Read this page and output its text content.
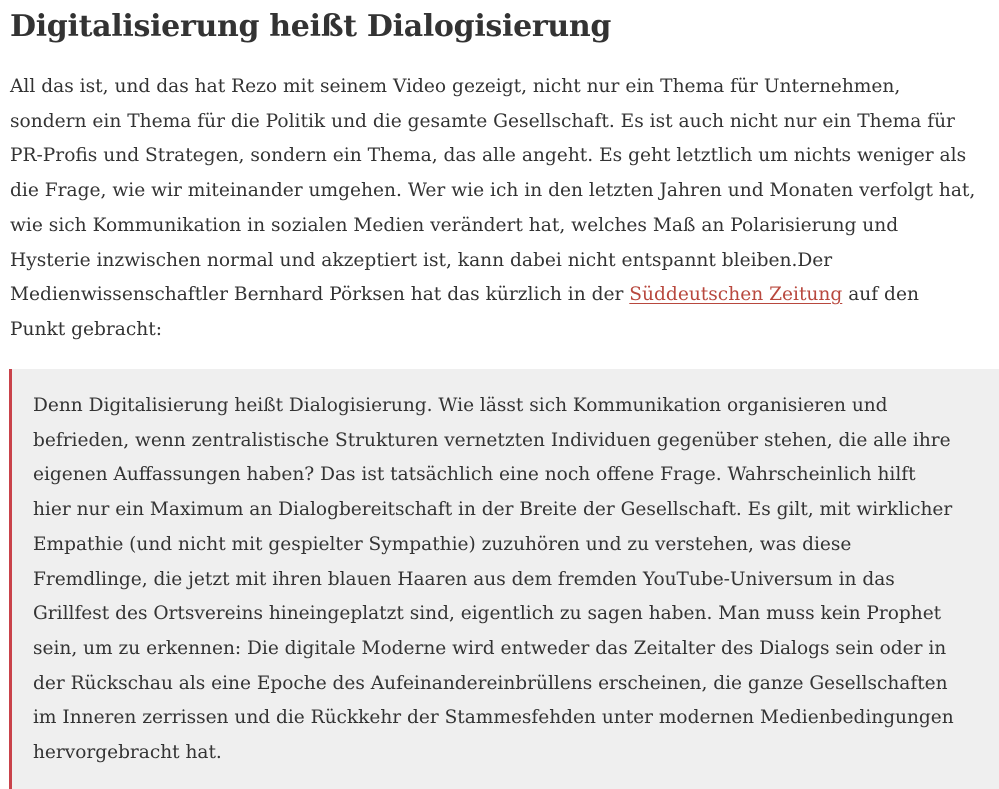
Digitalisierung heißt Dialogisierung

All das ist, und das hat Rezo mit seinem Video gezeigt, nicht nur ein Thema für Unternehmen,
sondern ein Thema für die Politik und die gesamte Gesellschaft. Es ist auch nicht nur ein Thema für
PR-Profis und Strategen, sondern ein Thema, das alle angeht. Es geht letztlich um nichts weniger als
die Frage, wie wir miteinander umgehen. Wer wie ich in den letzten Jahren und Monaten verfolgt hat,
wie sich Kommunikation in sozialen Medien verändert hat, welches Maß an Polarisierung und
Hysterie inzwischen normal und akzeptiert ist, kann dabei nicht entspannt bleiben.Der
Medienwissenschaftler Bernhard Pörksen hat das kürzlich in der Süddeutschen Zeitung auf den
Punkt gebracht:

Denn Digitalisierung heißt Dialogisierung. Wie lässt sich Kommunikation organisieren und
befrieden, wenn zentralistische Strukturen vernetzten Individuen gegenüber stehen, die alle ihre
eigenen Auffassungen haben? Das ist tatsächlich eine noch offene Frage. Wahrscheinlich hilft
hier nur ein Maximum an Dialogbereitschaft in der Breite der Gesellschaft. Es gilt, mit wirklicher
Empathie (und nicht mit gespielter Sympathie) zuzuhören und zu verstehen, was diese
Fremdlinge, die jetzt mit ihren blauen Haaren aus dem fremden YouTube-Universum in das
Grillfest des Ortsvereins hineingeplatzt sind, eigentlich zu sagen haben. Man muss kein Prophet
sein, um zu erkennen: Die digitale Moderne wird entweder das Zeitalter des Dialogs sein oder in
der Rückschau als eine Epoche des Aufeinandereinbrüllens erscheinen, die ganze Gesellschaften
im Inneren zerrissen und die Rückkehr der Stammesfehden unter modernen Medienbedingungen
hervorgebracht hat.
